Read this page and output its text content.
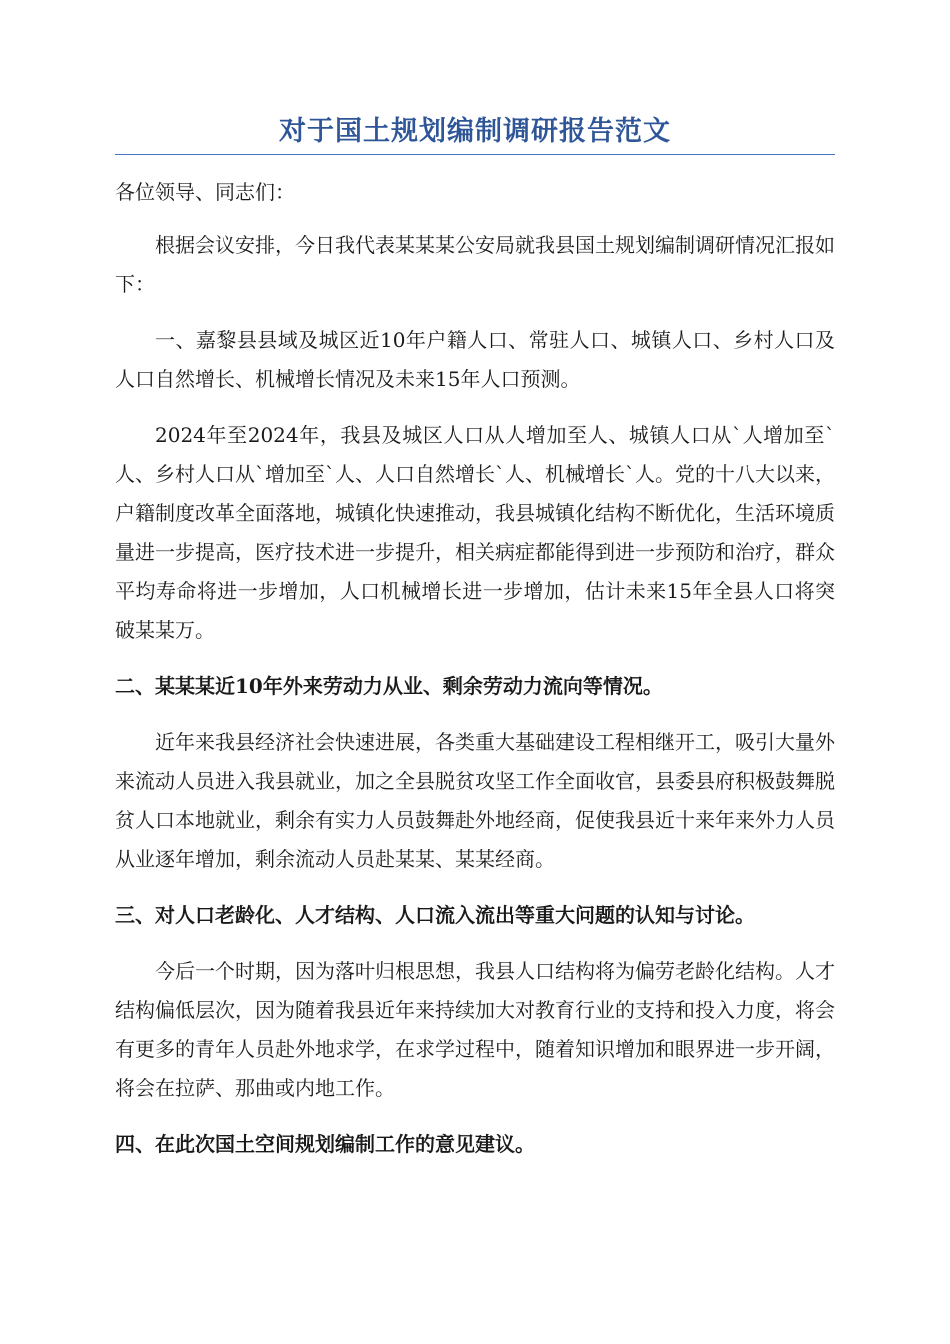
对于国土规划编制调研报告范文

各位领导、同志们：

根据会议安排，今日我代表某某某公安局就我县国土规划编制调研情况汇报如下：

一、嘉黎县县域及城区近10年户籍人口、常驻人口、城镇人口、乡村人口及人口自然增长、机械增长情况及未来15年人口预测。

2024年至2024年，我县及城区人口从人增加至人、城镇人口从`人增加至`人、乡村人口从`增加至`人、人口自然增长`人、机械增长`人。党的十八大以来，户籍制度改革全面落地，城镇化快速推动，我县城镇化结构不断优化，生活环境质量进一步提高，医疗技术进一步提升，相关病症都能得到进一步预防和治疗，群众平均寿命将进一步增加，人口机械增长进一步增加，估计未来15年全县人口将突破某某万。

二、某某某近10年外来劳动力从业、剩余劳动力流向等情况。

近年来我县经济社会快速进展，各类重大基础建设工程相继开工，吸引大量外来流动人员进入我县就业，加之全县脱贫攻坚工作全面收官，县委县府积极鼓舞脱贫人口本地就业，剩余有实力人员鼓舞赴外地经商，促使我县近十来年来外力人员从业逐年增加，剩余流动人员赴某某、某某经商。

三、对人口老龄化、人才结构、人口流入流出等重大问题的认知与讨论。

今后一个时期，因为落叶归根思想，我县人口结构将为偏劳老龄化结构。人才结构偏低层次，因为随着我县近年来持续加大对教育行业的支持和投入力度，将会有更多的青年人员赴外地求学，在求学过程中，随着知识增加和眼界进一步开阔，将会在拉萨、那曲或内地工作。

四、在此次国土空间规划编制工作的意见建议。
